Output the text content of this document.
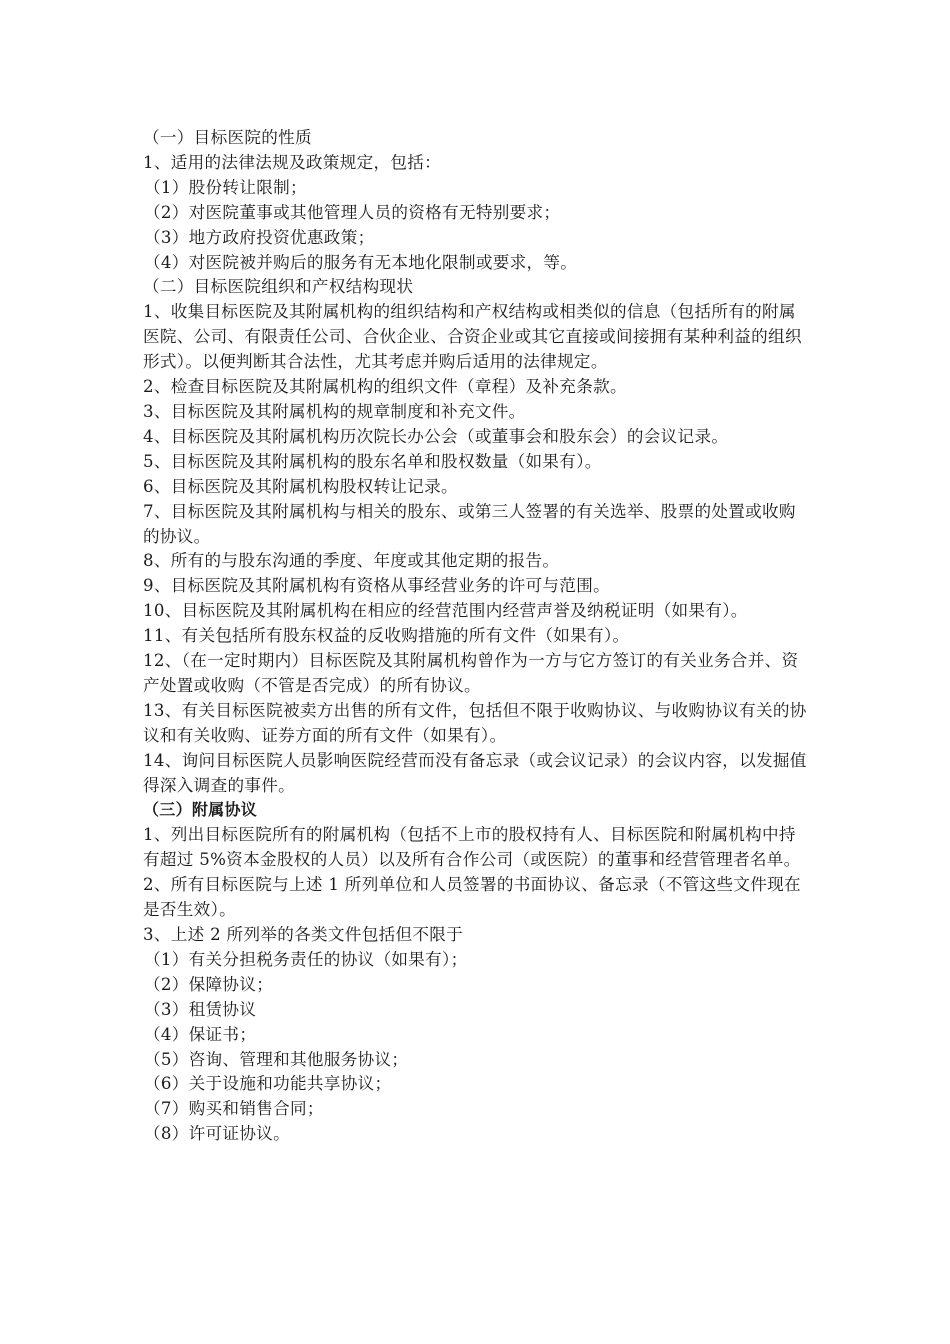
（一）目标医院的性质

1、适用的法律法规及政策规定，包括：

（1）股份转让限制；

（2）对医院董事或其他管理人员的资格有无特别要求；

（3）地方政府投资优惠政策；

（4）对医院被并购后的服务有无本地化限制或要求，等。

（二）目标医院组织和产权结构现状

1、收集目标医院及其附属机构的组织结构和产权结构或相类似的信息（包括所有的附属医院、公司、有限责任公司、合伙企业、合资企业或其它直接或间接拥有某种利益的组织形式）。以便判断其合法性，尤其考虑并购后适用的法律规定。

2、检查目标医院及其附属机构的组织文件（章程）及补充条款。

3、目标医院及其附属机构的规章制度和补充文件。

4、目标医院及其附属机构历次院长办公会（或董事会和股东会）的会议记录。

5、目标医院及其附属机构的股东名单和股权数量（如果有）。

6、目标医院及其附属机构股权转让记录。

7、目标医院及其附属机构与相关的股东、或第三人签署的有关选举、股票的处置或收购的协议。

8、所有的与股东沟通的季度、年度或其他定期的报告。

9、目标医院及其附属机构有资格从事经营业务的许可与范围。

10、目标医院及其附属机构在相应的经营范围内经营声誉及纳税证明（如果有）。

11、有关包括所有股东权益的反收购措施的所有文件（如果有）。

12、（在一定时期内）目标医院及其附属机构曾作为一方与它方签订的有关业务合并、资产处置或收购（不管是否完成）的所有协议。

13、有关目标医院被卖方出售的所有文件，包括但不限于收购协议、与收购协议有关的协议和有关收购、证券方面的所有文件（如果有）。

14、询问目标医院人员影响医院经营而没有备忘录（或会议记录）的会议内容，以发掘值得深入调查的事件。

（三）附属协议

1、列出目标医院所有的附属机构（包括不上市的股权持有人、目标医院和附属机构中持有超过 5%资本金股权的人员）以及所有合作公司（或医院）的董事和经营管理者名单。

2、所有目标医院与上述 1 所列单位和人员签署的书面协议、备忘录（不管这些文件现在是否生效）。

3、上述 2 所列举的各类文件包括但不限于

（1）有关分担税务责任的协议（如果有）；

（2）保障协议；

（3）租赁协议

（4）保证书；

（5）咨询、管理和其他服务协议；

（6）关于设施和功能共享协议；

（7）购买和销售合同；

（8）许可证协议。
